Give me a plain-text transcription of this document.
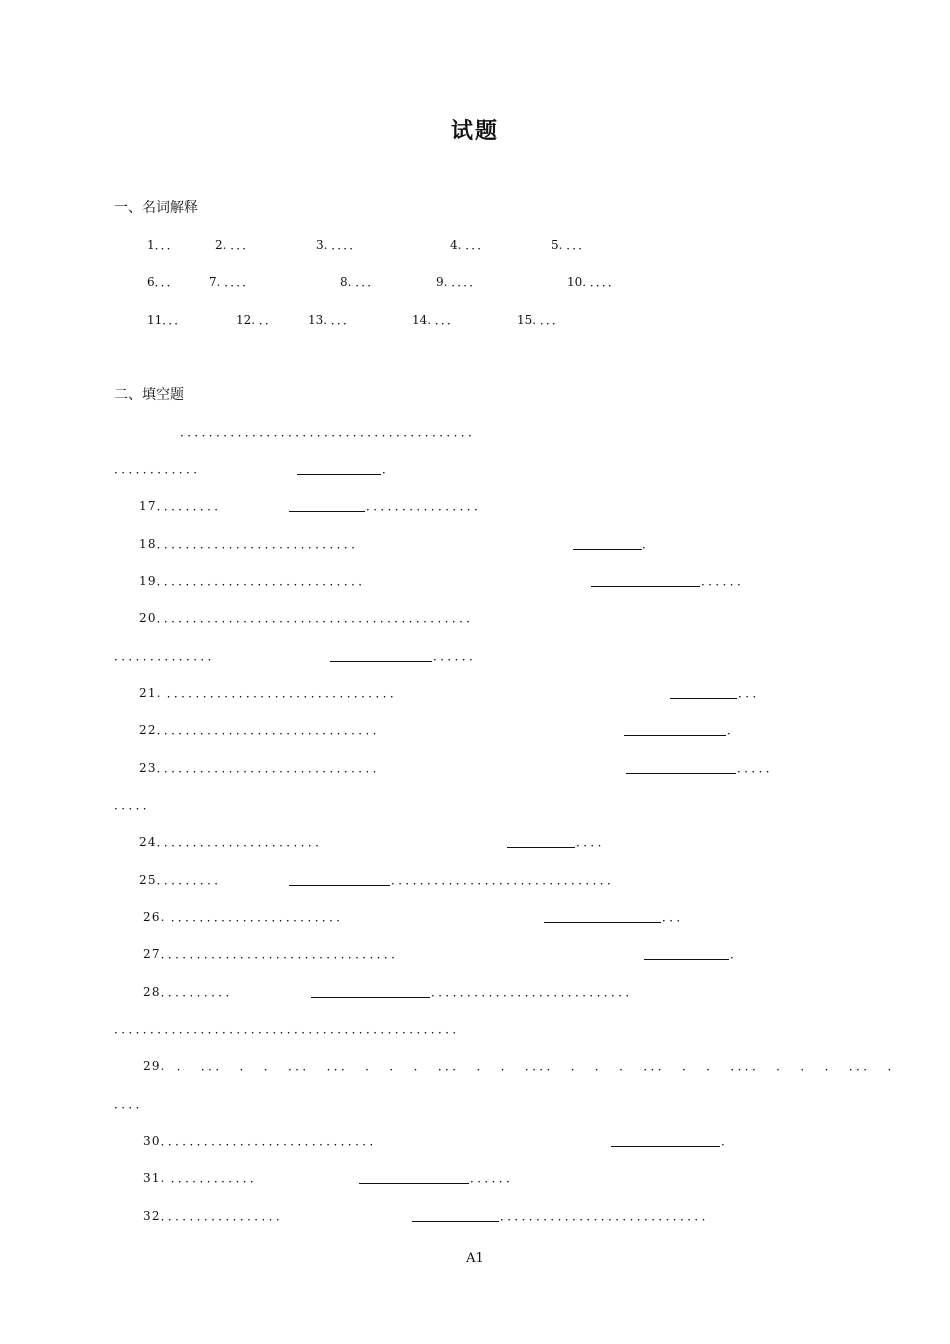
试题
一、名词解释
1．．．	2. ．．．	3. ．．．．	4. ．．．	5. ．．．
6．．．	7. ．．．．	8. ．．．	9. ．．．．	10. ．．．．
11．．．	12. ．．	13. ．．．	14. ．．．	15. ．．．
二、填空题
．．．．．．．．．．．．．．．．．．．．．．．．．．．．．．．．．．．．．．．．．
．．．．．．．．．．．．	．
17．．．．．．．．．	．．．．．．．．．．．．．．．．
18．．．．．．．．．．．．．．．．．．．．．．．．．．．．	．
19．．．．．．．．．．．．．．．．．．．．．．．．．．．．．	．．．．．．
20．．．．．．．．．．．．．．．．．．．．．．．．．．．．．．．．．．．．．．．．．．．．
．．．．．．．．．．．．．．	．．．．．．
21. ．．．．．．．．．．．．．．．．．．．．．．．．．．．．．．．．	．．．
22．．．．．．．．．．．．．．．．．．．．．．．．．．．．．．．	．
23．．．．．．．．．．．．．．．．．．．．．．．．．．．．．．．	．．．．．
．．．．．
24．．．．．．．．．．．．．．．．．．．．．．．	．．．．
25．．．．．．．．．	．．．．．．．．．．．．．．．．．．．．．．．．．．．．．．．
26. ．．．．．．．．．．．．．．．．．．．．．．．．	．．．
27．．．．．．．．．．．．．．．．．．．．．．．．．．．．．．．．．	．
28．．．．．．．．．．	．．．．．．．．．．．．．．．．．．．．．．．．．．．．
．．．．．．．．．．．．．．．．．．．．．．．．．．．．．．．．．．．．．．．．．．．．．．．．
29. ． ．．． ． ． ．．． ．．． ． ． ． ．．． ． ． ．．．． ． ． ． ．．． ． ． ．．．． ． ． ． ．．． ．
．．．．
30．．．．．．．．．．．．．．．．．．．．．．．．．．．．．．	．
31. ．．．．．．．．．．．．	．．．．．．
32．．．．．．．．．．．．．．．．．	．．．．．．．．．．．．．．．．．．．．．．．．．．．．．
A1
